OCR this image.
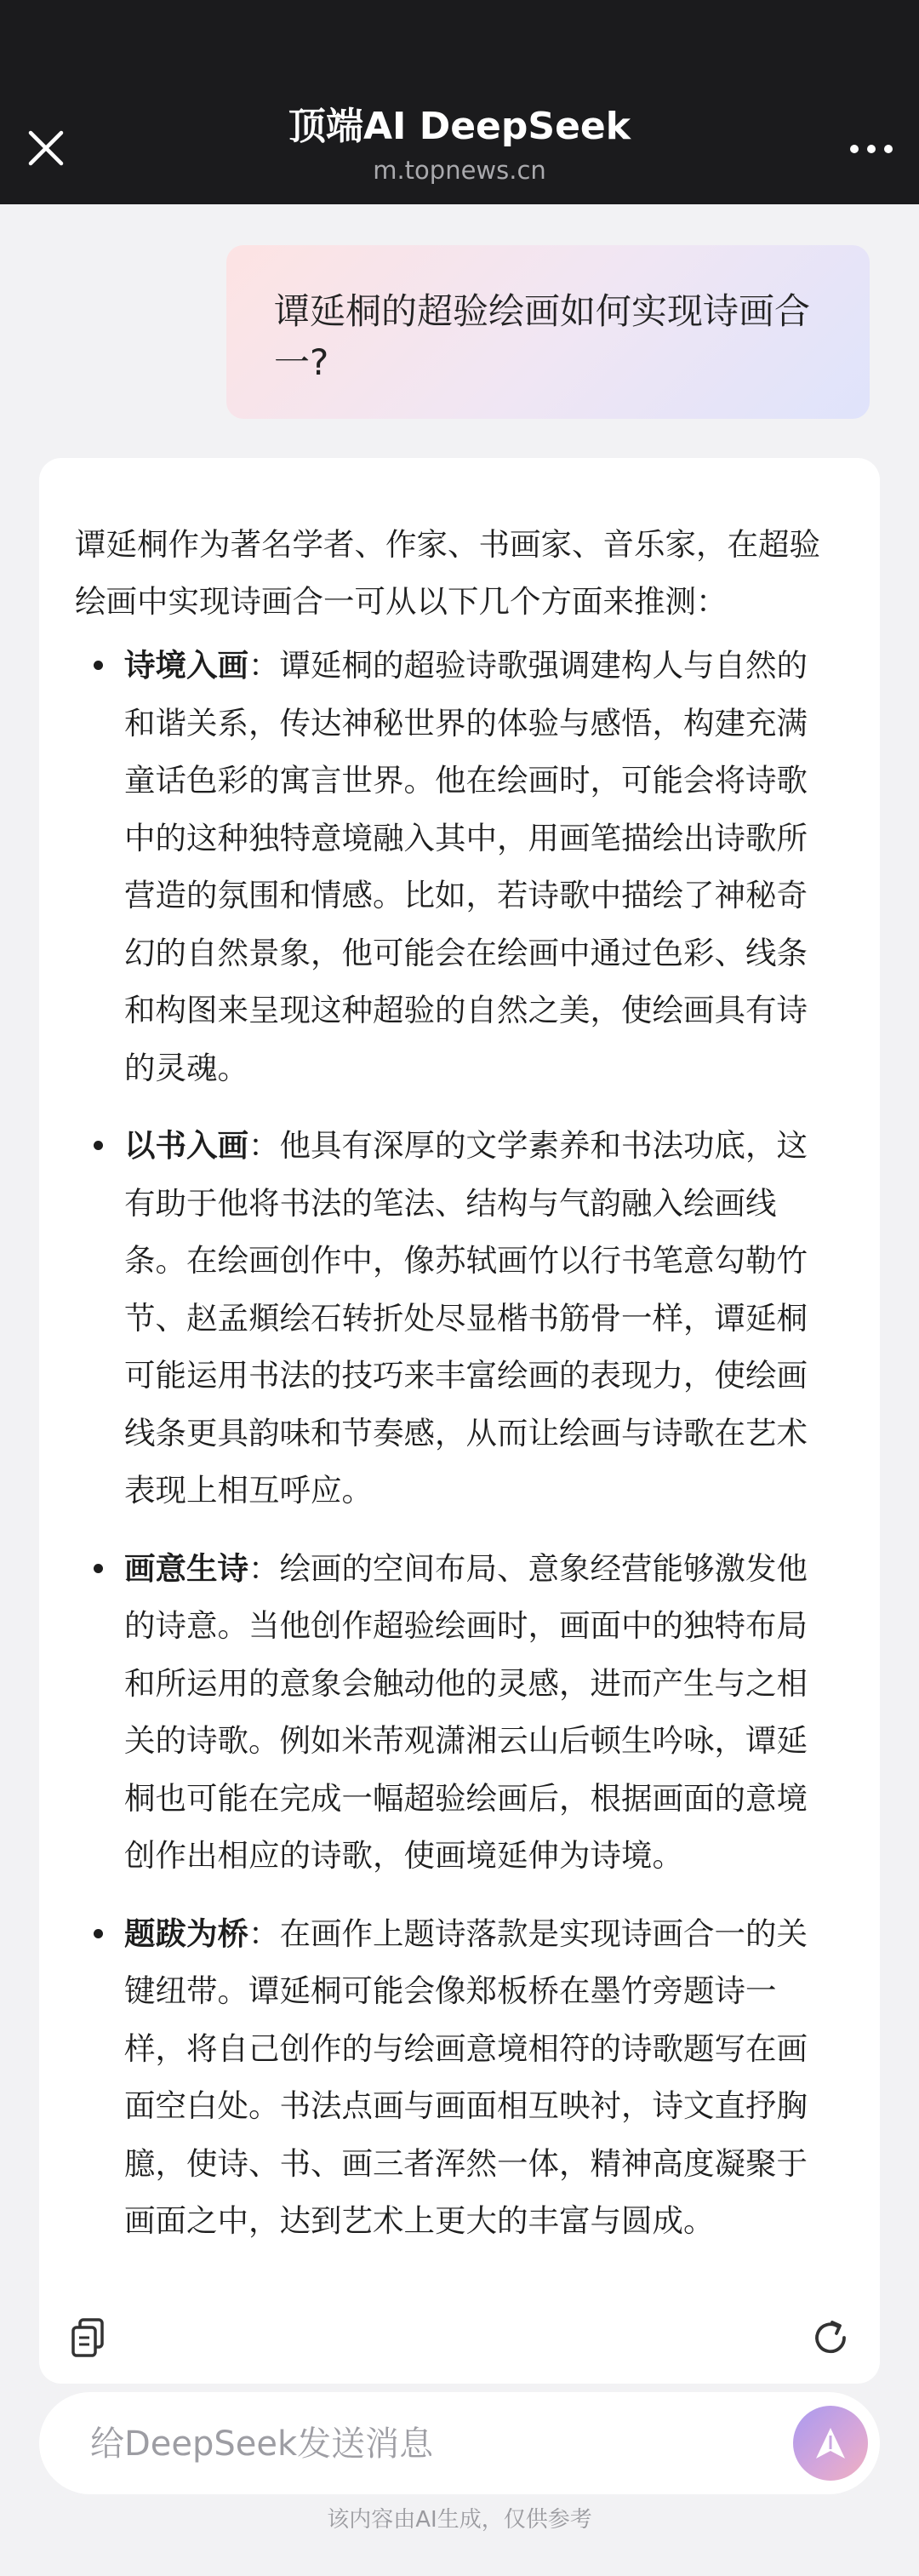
顶端AI DeepSeek
m.topnews.cn

谭延桐的超验绘画如何实现诗画合一?

谭延桐作为著名学者、作家、书画家、音乐家，在超验绘画中实现诗画合一可从以下几个方面来推测：

诗境入画：谭延桐的超验诗歌强调建构人与自然的和谐关系，传达神秘世界的体验与感悟，构建充满童话色彩的寓言世界。他在绘画时，可能会将诗歌中的这种独特意境融入其中，用画笔描绘出诗歌所营造的氛围和情感。比如，若诗歌中描绘了神秘奇幻的自然景象，他可能会在绘画中通过色彩、线条和构图来呈现这种超验的自然之美，使绘画具有诗的灵魂。
以书入画：他具有深厚的文学素养和书法功底，这有助于他将书法的笔法、结构与气韵融入绘画线条。在绘画创作中，像苏轼画竹以行书笔意勾勒竹节、赵孟頫绘石转折处尽显楷书筋骨一样，谭延桐可能运用书法的技巧来丰富绘画的表现力，使绘画线条更具韵味和节奏感，从而让绘画与诗歌在艺术表现上相互呼应。
画意生诗：绘画的空间布局、意象经营能够激发他的诗意。当他创作超验绘画时，画面中的独特布局和所运用的意象会触动他的灵感，进而产生与之相关的诗歌。例如米芾观潇湘云山后顿生吟咏，谭延桐也可能在完成一幅超验绘画后，根据画面的意境创作出相应的诗歌，使画境延伸为诗境。
题跋为桥：在画作上题诗落款是实现诗画合一的关键纽带。谭延桐可能会像郑板桥在墨竹旁题诗一样，将自己创作的与绘画意境相符的诗歌题写在画面空白处。书法点画与画面相互映衬，诗文直抒胸臆，使诗、书、画三者浑然一体，精神高度凝聚于画面之中，达到艺术上更大的丰富与圆成。
给DeepSeek发送消息
该内容由AI生成，仅供参考
